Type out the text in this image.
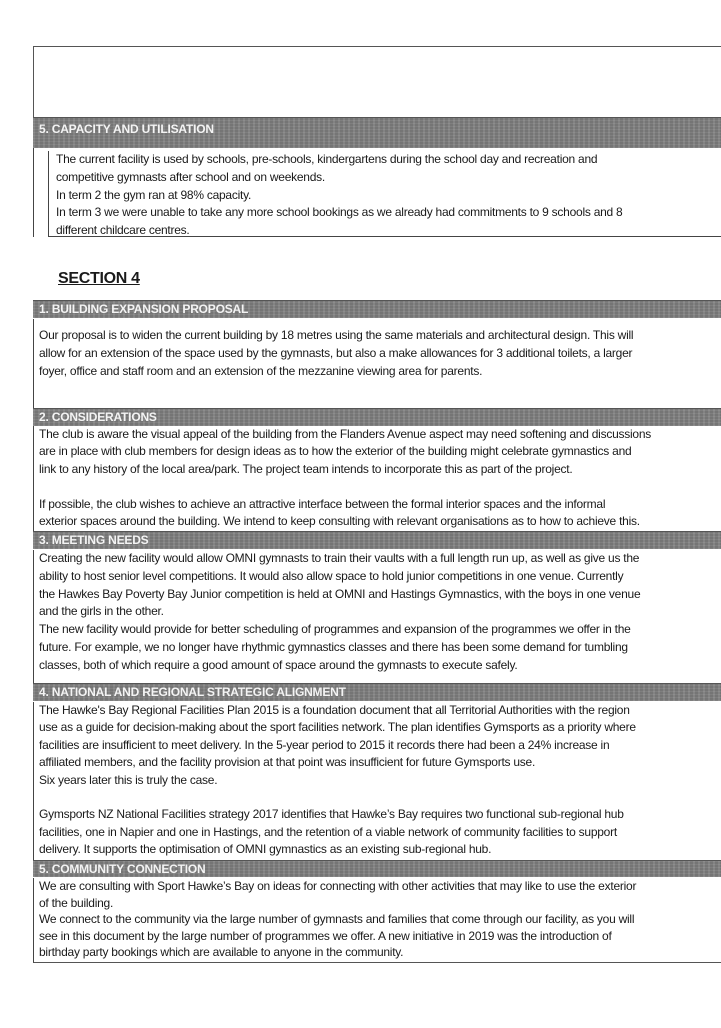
5. CAPACITY AND UTILISATION
The current facility is used by schools, pre-schools, kindergartens during the school day and recreation and
competitive gymnasts after school and on weekends.
In term 2 the gym ran at 98% capacity.
In term 3 we were unable to take any more school bookings as we already had commitments to 9 schools and 8
different childcare centres.
SECTION 4
1. BUILDING EXPANSION PROPOSAL
Our proposal is to widen the current building by 18 metres using the same materials and architectural design. This will
allow for an extension of the space used by the gymnasts, but also a make allowances for 3 additional toilets, a larger
foyer, office and staff room and an extension of the mezzanine viewing area for parents.
2. CONSIDERATIONS
The club is aware the visual appeal of the building from the Flanders Avenue aspect may need softening and discussions
are in place with club members for design ideas as to how the exterior of the building might celebrate gymnastics and
link to any history of the local area/park. The project team intends to incorporate this as part of the project.
If possible, the club wishes to achieve an attractive interface between the formal interior spaces and the informal
exterior spaces around the building. We intend to keep consulting with relevant organisations as to how to achieve this.
3. MEETING NEEDS
Creating the new facility would allow OMNI gymnasts to train their vaults with a full length run up, as well as give us the
ability to host senior level competitions. It would also allow space to hold junior competitions in one venue. Currently
the Hawkes Bay Poverty Bay Junior competition is held at OMNI and Hastings Gymnastics, with the boys in one venue
and the girls in the other.
The new facility would provide for better scheduling of programmes and expansion of the programmes we offer in the
future. For example, we no longer have rhythmic gymnastics classes and there has been some demand for tumbling
classes, both of which require a good amount of space around the gymnasts to execute safely.
4. NATIONAL AND REGIONAL STRATEGIC ALIGNMENT
The Hawke's Bay Regional Facilities Plan 2015 is a foundation document that all Territorial Authorities with the region
use as a guide for decision-making about the sport facilities network. The plan identifies Gymsports as a priority where
facilities are insufficient to meet delivery. In the 5-year period to 2015 it records there had been a 24% increase in
affiliated members, and the facility provision at that point was insufficient for future Gymsports use.
Six years later this is truly the case.
Gymsports NZ National Facilities strategy 2017 identifies that Hawke’s Bay requires two functional sub-regional hub
facilities, one in Napier and one in Hastings, and the retention of a viable network of community facilities to support
delivery. It supports the optimisation of OMNI gymnastics as an existing sub-regional hub.
5. COMMUNITY CONNECTION
We are consulting with Sport Hawke’s Bay on ideas for connecting with other activities that may like to use the exterior
of the building.
We connect to the community via the large number of gymnasts and families that come through our facility, as you will
see in this document by the large number of programmes we offer. A new initiative in 2019 was the introduction of
birthday party bookings which are available to anyone in the community.
